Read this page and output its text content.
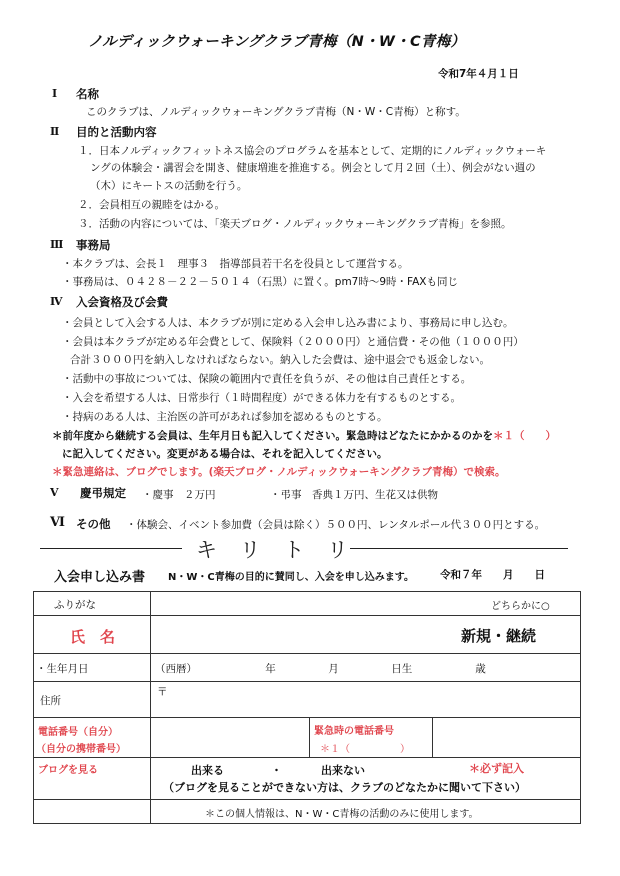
ノルディックウォーキングクラブ青梅（N・W・C青梅）
令和7年４月１日
Ⅰ 名称
このクラブは、ノルディックウォーキングクラブ青梅（N・W・C青梅）と称す。
Ⅱ 目的と活動内容
１．日本ノルディックフィットネス協会のプログラムを基本として、定期的にノルディックウォーキ
ングの体験会・講習会を開き、健康増進を推進する。例会として月２回（土）、例会がない週の
（木）にキートスの活動を行う。
２．会員相互の親睦をはかる。
３．活動の内容については、「楽天ブログ・ノルディックウォーキングクラブ青梅」を参照。
Ⅲ 事務局
・本クラブは、会長１　理事３　指導部員若干名を役員として運営する。
・事務局は、０４２８－２２－５０１４（石黒）に置く。pm7時～9時・FAXも同じ
Ⅳ 入会資格及び会費
・会員として入会する人は、本クラブが別に定める入会申し込み書により、事務局に申し込む。
・会員は本クラブが定める年会費として、保険料（２０００円）と通信費・その他（１０００円）
合計３０００円を納入しなければならない。納入した会費は、途中退会でも返金しない。
・活動中の事故については、保険の範囲内で責任を負うが、その他は自己責任とする。
・入会を希望する人は、日常歩行（１時間程度）ができる体力を有するものとする。
・持病のある人は、主治医の許可があれば参加を認めるものとする。
＊前年度から継続する会員は、生年月日も記入してください。緊急時はどなたにかかるのかを＊１（　　）
に記入してください。変更がある場合は、それを記入してください。
＊緊急連絡は、ブログでします。(楽天ブログ・ノルディックウォーキングクラブ青梅）で検索。
Ⅴ 慶弔規定 ・慶事　２万円	・弔事　香典１万円、生花又は供物
Ⅵ その他 ・体験会、イベント参加費（会員は除く）５００円、レンタルポール代３００円とする。
キ リ ト リ
入会申し込み書 N・W・C青梅の目的に賛同し、入会を申し込みます。 令和７年　　月　　日
ふりがな	どちらかに○		

氏　名	新規・継続		

・生年月日	（西暦）　　　　　　　年　　　　　月　　　　　日生　　　　　　歳		

住所	〒		

電話番号（自分）
（自分の携帯番号）		緊急時の電話番号
＊１（　　　　　）	

ブログを見る	出来る ・ 出来ない ＊必ず記入
（ブログを見ることができない方は、クラブのどなたかに聞いて下さい）		

	＊この個人情報は、N・W・C青梅の活動のみに使用します。		
